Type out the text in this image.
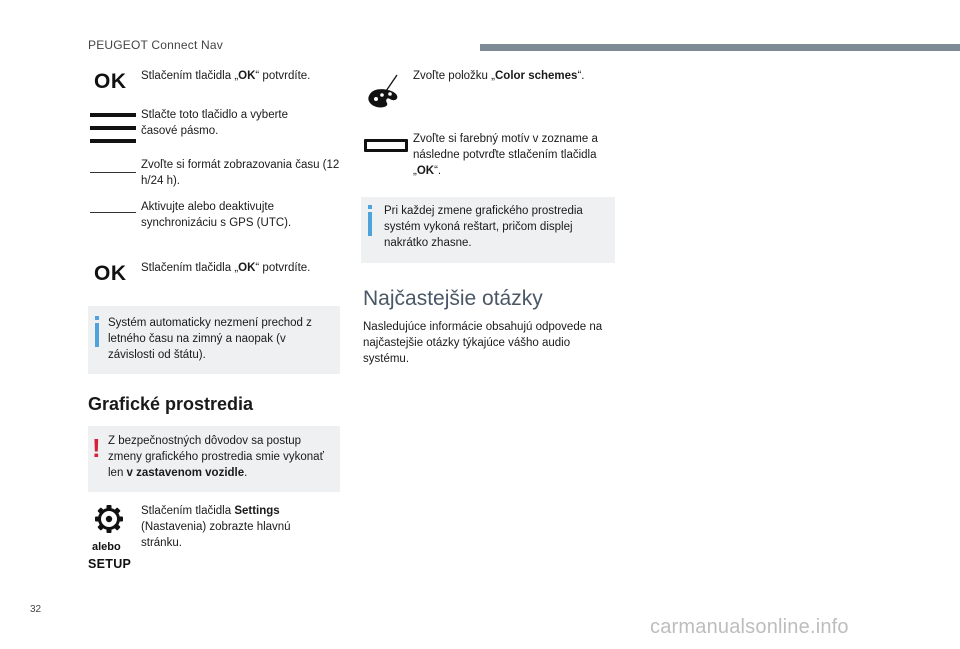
PEUGEOT Connect Nav
OK Stlačením tlačidla „OK“ potvrdíte.
Stlačte toto tlačidlo a vyberte časové pásmo.
Zvoľte si formát zobrazovania času (12 h/24 h).
Aktivujte alebo deaktivujte synchronizáciu s GPS (UTC).
OK Stlačením tlačidla „OK“ potvrdíte.
Systém automaticky nezmení prechod z letného času na zimný a naopak (v závislosti od štátu).
Grafické prostredia
! Z bezpečnostných dôvodov sa postup zmeny grafického prostredia smie vykonať len v zastavenom vozidle.
alebo
SETUP
Stlačením tlačidla Settings (Nastavenia) zobrazte hlavnú stránku.
Zvoľte položku „Color schemes“.
Zvoľte si farebný motív v zozname a následne potvrďte stlačením tlačidla „OK“.
Pri každej zmene grafického prostredia systém vykoná reštart, pričom displej nakrátko zhasne.
Najčastejšie otázky
Nasledujúce informácie obsahujú odpovede na najčastejšie otázky týkajúce vášho audio systému.
32
carmanualsonline.info
